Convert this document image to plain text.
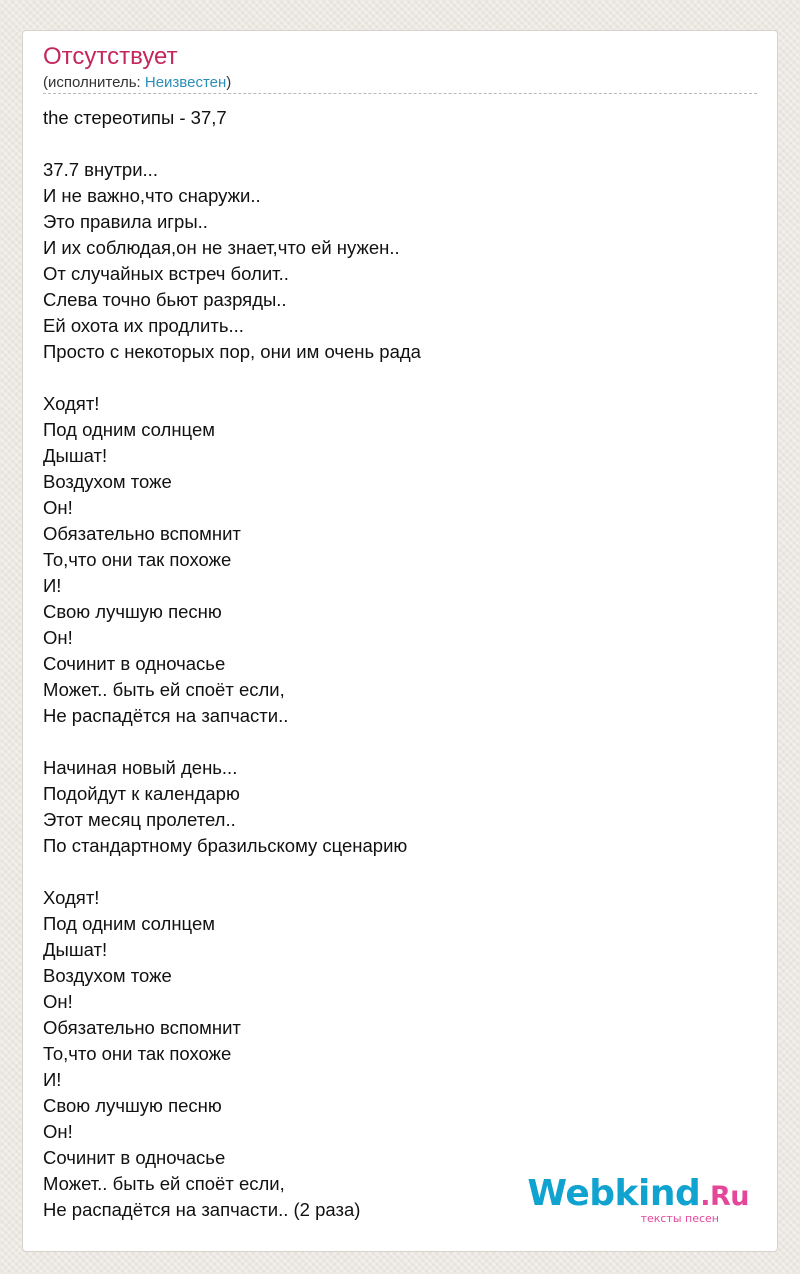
Отсутствует
(исполнитель: Неизвестен)
the стереотипы - 37,7

37.7 внутри...
И не важно,что снаружи..
Это правила игры..
И их соблюдая,он не знает,что ей нужен..
От случайных встреч болит..
Слева точно бьют разряды..
Ей охота их продлить...
Просто с некоторых пор, они им очень рада

Ходят!
Под одним солнцем
Дышат!
Воздухом тоже
Он!
Обязательно вспомнит
То,что они так похоже
И!
Свою лучшую песню
Он!
Сочинит в одночасье
Может.. быть ей споёт если,
Не распадётся на запчасти..

Начиная новый день...
Подойдут к календарю
Этот месяц пролетел..
По стандартному бразильскому сценарию

Ходят!
Под одним солнцем
Дышат!
Воздухом тоже
Он!
Обязательно вспомнит
То,что они так похоже
И!
Свою лучшую песню
Он!
Сочинит в одночасье
Может.. быть ей споёт если,
Не распадётся на запчасти.. (2 раза)	Webkind.Ru
тексты песен
